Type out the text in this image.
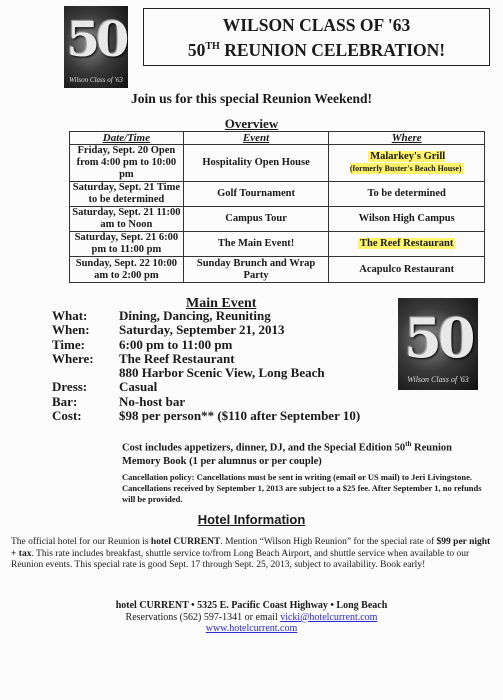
50
Wilson Class of '63
WILSON CLASS OF '63
50TH REUNION CELEBRATION!
Join us for this special Reunion Weekend!
Overview
Date/Time	Event	Where
Friday, Sept. 20 Open from 4:00 pm to 10:00 pm	Hospitality Open House	Malarkey's Grill
(formerly Buster's Beach House)
Saturday, Sept. 21 Time to be determined	Golf Tournament	To be determined
Saturday, Sept. 21 11:00 am to Noon	Campus Tour	Wilson High Campus
Saturday, Sept. 21 6:00 pm to 11:00 pm	The Main Event!	The Reef Restaurant
Sunday, Sept. 22 10:00 am to 2:00 pm	Sunday Brunch and Wrap Party	Acapulco Restaurant
Main Event
50
Wilson Class of '63
What:	Dining, Dancing, Reuniting
When:	Saturday, September 21, 2013
Time:	6:00 pm to 11:00 pm
Where:	The Reef Restaurant
880 Harbor Scenic View, Long Beach
Dress:	Casual
Bar:	No-host bar
Cost:	$98 per person** ($110 after September 10)
Cost includes appetizers, dinner, DJ, and the Special Edition 50th Reunion Memory Book (1 per alumnus or per couple)
Cancellation policy: Cancellations must be sent in writing (email or US mail) to Jeri Livingstone. Cancellations received by September 1, 2013 are subject to a $25 fee. After September 1, no refunds will be provided.
Hotel Information
The official hotel for our Reunion is hotel CURRENT. Mention “Wilson High Reunion” for the special rate of $99 per night + tax. This rate includes breakfast, shuttle service to/from Long Beach Airport, and shuttle service when available to our Reunion events. This special rate is good Sept. 17 through Sept. 25, 2013, subject to availability. Book early!
hotel CURRENT • 5325 E. Pacific Coast Highway • Long Beach
Reservations (562) 597-1341 or email vicki@hotelcurrent.com
www.hotelcurrent.com
